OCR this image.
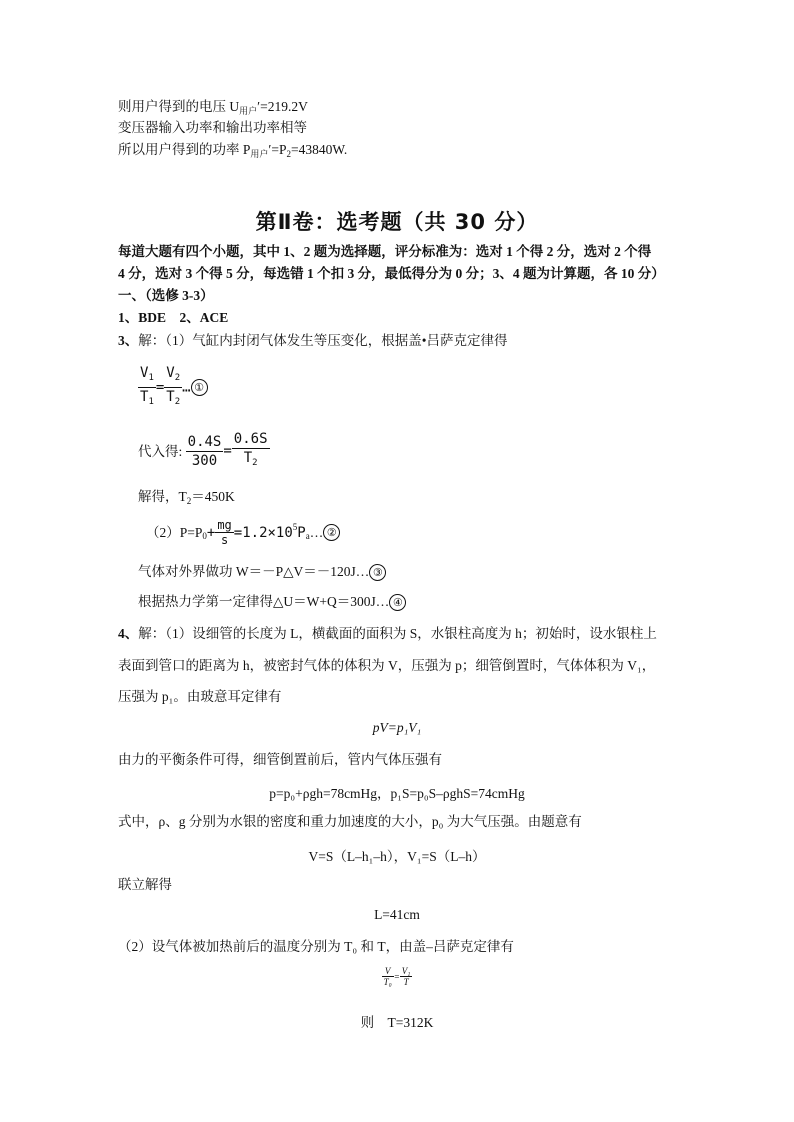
则用户得到的电压 $U_{用户}'=219.2V$
变压器输入功率和输出功率相等
所以用户得到的功率 $P_{用户}'=P_2=43840W$.
第Ⅱ卷：选考题（共 30 分）
每道大题有四个小题，其中 1、2 题为选择题，评分标准为：选对 1 个得 2 分，选对 2 个得
4 分，选对 3 个得 5 分，每选错 1 个扣 3 分，最低得分为 0 分；3、4 题为计算题，各 10 分）
一、（选修 3-3）
1、BDE　2、ACE
3、解：（1）气缸内封闭气体发生等压变化，根据盖•吕萨克定律得
$\frac{V_1}{T_1} = \frac{V_2}{T_2}$ … ①
代入得: $\frac{0.4S}{300} = \frac{0.6S}{T_2}$
解得，$T_2=450K$
$(2)P=P_0+ \frac{mg}{s}$ $=1.2\times 10^5P_a\dots$ ②
气体对外界做功 W＝－P△V＝－120J… ③
根据热力学第一定律得△U＝W+Q＝300J… ④
4、解：（1）设细管的长度为 L，横截面的面积为 S，水银柱高度为 h；初始时，设水银柱上
表面到管口的距离为 h，被密封气体的体积为 V，压强为 p；细管倒置时，气体体积为 V₁，
压强为 p₁。由玻意耳定律有
pV=p₁V₁
由力的平衡条件可得，细管倒置前后，管内气体压强有
p=p₀+ρgh=78cmHg，p₁S=p₀S–ρghS=74cmHg
式中，ρ、g 分别为水银的密度和重力加速度的大小，p₀ 为大气压强。由题意有
V=S（L–h₁–h），V₁=S（L–h）
联立解得
L=41cm
（2）设气体被加热前后的温度分别为 T₀ 和 T，由盖–吕萨克定律有
$\frac{V}{\text{T₀}} = \frac{\text{V₁}}{T}$
则　T=312K
